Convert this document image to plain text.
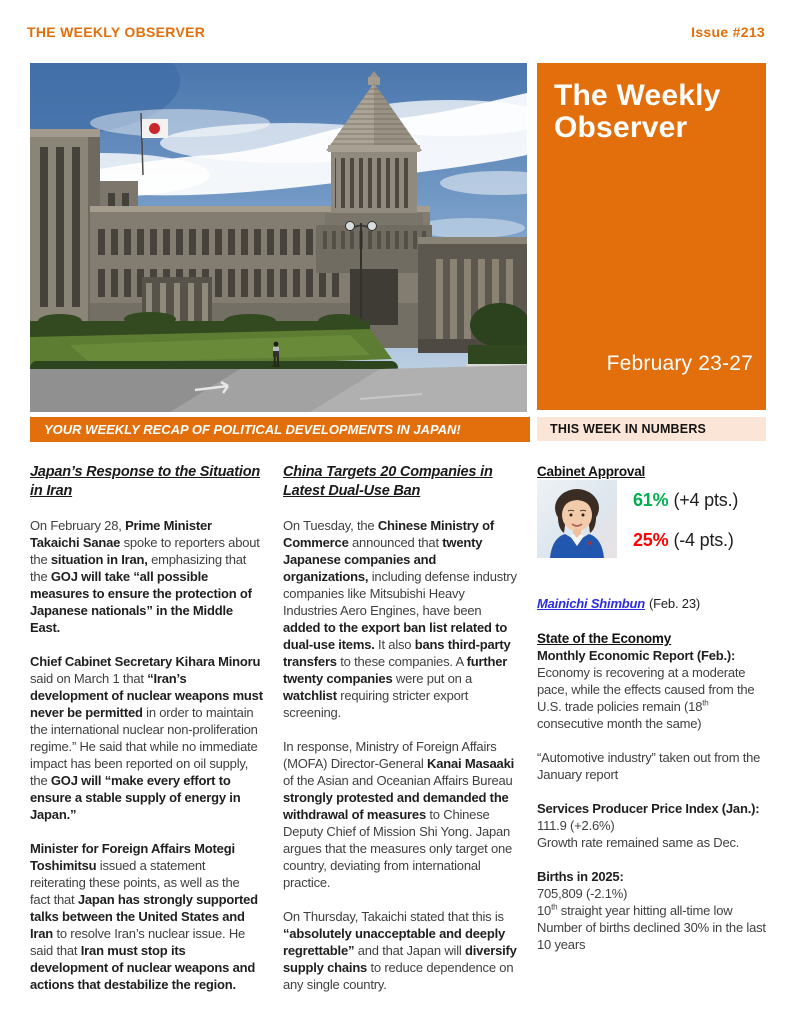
THE WEEKLY OBSERVER	Issue #213
The Weekly Observer
February 23-27
YOUR WEEKLY RECAP OF POLITICAL DEVELOPMENTS IN JAPAN!	THIS WEEK IN NUMBERS
Japan’s Response to the Situation in Iran

On February 28, Prime Minister Takaichi Sanae spoke to reporters about the situation in Iran, emphasizing that the GOJ will take “all possible measures to ensure the protection of Japanese nationals” in the Middle East.

Chief Cabinet Secretary Kihara Minoru said on March 1 that “Iran’s development of nuclear weapons must never be permitted in order to maintain the international nuclear non-proliferation regime.” He said that while no immediate impact has been reported on oil supply, the GOJ will “make every effort to ensure a stable supply of energy in Japan.”

Minister for Foreign Affairs Motegi Toshimitsu issued a statement reiterating these points, as well as the fact that Japan has strongly supported talks between the United States and Iran to resolve Iran’s nuclear issue. He said that Iran must stop its development of nuclear weapons and actions that destabilize the region.

China Targets 20 Companies in Latest Dual-Use Ban

On Tuesday, the Chinese Ministry of Commerce announced that twenty Japanese companies and organizations, including defense industry companies like Mitsubishi Heavy Industries Aero Engines, have been added to the export ban list related to dual-use items. It also bans third-party transfers to these companies. A further twenty companies were put on a watchlist requiring stricter export screening.

In response, Ministry of Foreign Affairs (MOFA) Director-General Kanai Masaaki of the Asian and Oceanian Affairs Bureau strongly protested and demanded the withdrawal of measures to Chinese Deputy Chief of Mission Shi Yong. Japan argues that the measures only target one country, deviating from international practice.

On Thursday, Takaichi stated that this is “absolutely unacceptable and deeply regrettable” and that Japan will diversify supply chains to reduce dependence on any single country.

Cabinet Approval
61% (+4 pts.)
25% (-4 pts.)
Mainichi Shimbun (Feb. 23)
State of the Economy
Monthly Economic Report (Feb.):
Economy is recovering at a moderate pace, while the effects caused from the U.S. trade policies remain (18th consecutive month the same)
“Automotive industry” taken out from the January report
Services Producer Price Index (Jan.):
111.9 (+2.6%)
Growth rate remained same as Dec.
Births in 2025:
705,809 (-2.1%)
10th straight year hitting all-time low
Number of births declined 30% in the last 10 years
